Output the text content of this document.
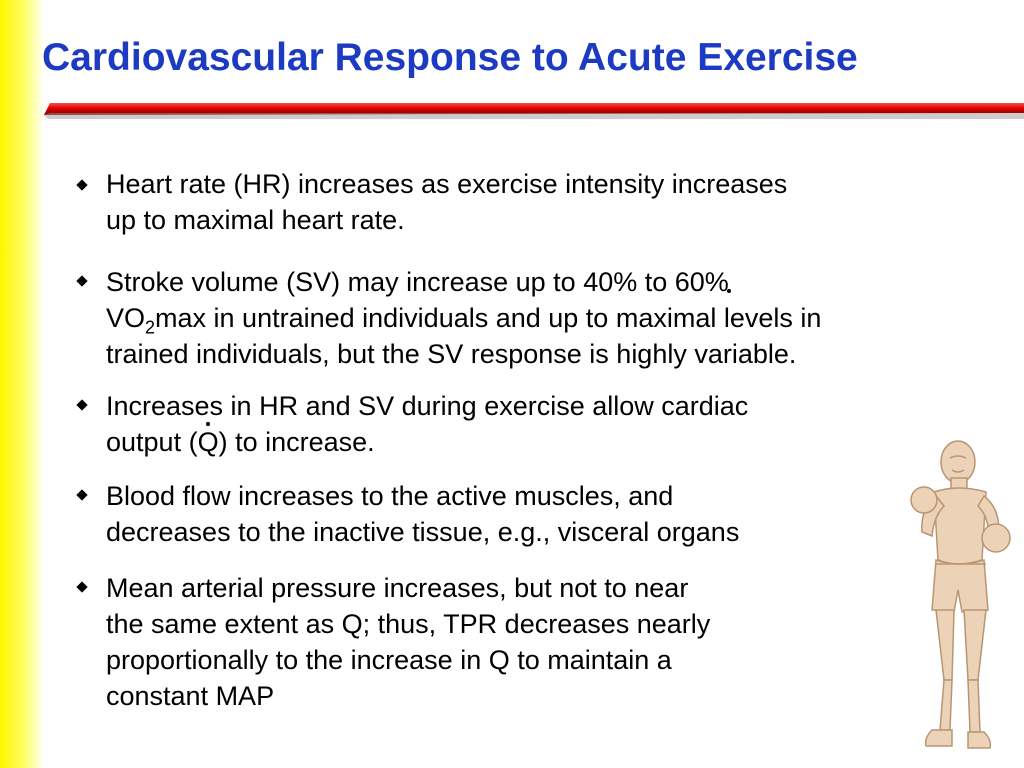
Cardiovascular Response to Acute Exercise
Heart rate (HR) increases as exercise intensity increases
up to maximal heart rate.
Stroke volume (SV) may increase up to 40% to 60%
$VO_2\max$ in untrained individuals and up to maximal levels in
trained individuals, but the SV response is highly variable.
Increases in HR and SV during exercise allow cardiac
output (Q) to increase.
Blood flow increases to the active muscles, and
decreases to the inactive tissue, e.g., visceral organs
Mean arterial pressure increases, but not to near
the same extent as Q; thus, TPR decreases nearly
proportionally to the increase in Q to maintain a
constant MAP
